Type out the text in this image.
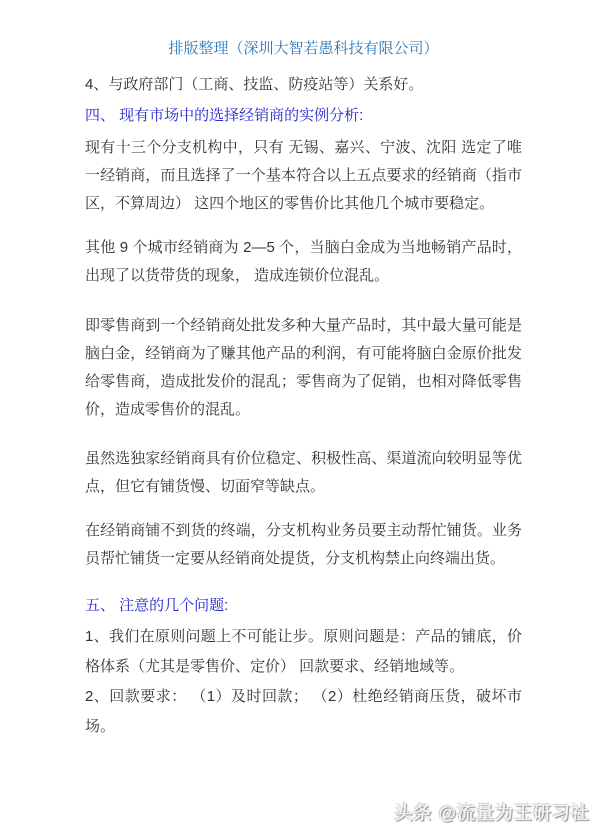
排版整理（深圳大智若愚科技有限公司）

4、与政府部门（工商、技监、防疫站等）关系好。

四、 现有市场中的选择经销商的实例分析:

现有十三个分支机构中，只有 无锡、嘉兴、宁波、沈阳 选定了唯一经销商，而且选择了一个基本符合以上五点要求的经销商（指市区，不算周边） 这四个地区的零售价比其他几个城市要稳定。

其他 9 个城市经销商为 2—5 个，当脑白金成为当地畅销产品时，出现了以货带货的现象， 造成连锁价位混乱。

即零售商到一个经销商处批发多种大量产品时，其中最大量可能是脑白金，经销商为了赚其他产品的利润，有可能将脑白金原价批发给零售商，造成批发价的混乱；零售商为了促销，也相对降低零售价，造成零售价的混乱。

虽然选独家经销商具有价位稳定、积极性高、渠道流向较明显等优点，但它有铺货慢、切面窄等缺点。

在经销商铺不到货的终端，分支机构业务员要主动帮忙铺货。业务员帮忙铺货一定要从经销商处提货，分支机构禁止向终端出货。

五、 注意的几个问题:

1、我们在原则问题上不可能让步。原则问题是：产品的铺底，价格体系（尤其是零售价、定价） 回款要求、经销地域等。

2、回款要求： （1）及时回款； （2）杜绝经销商压货，破坏市场。

头条 @流量为王研习社
